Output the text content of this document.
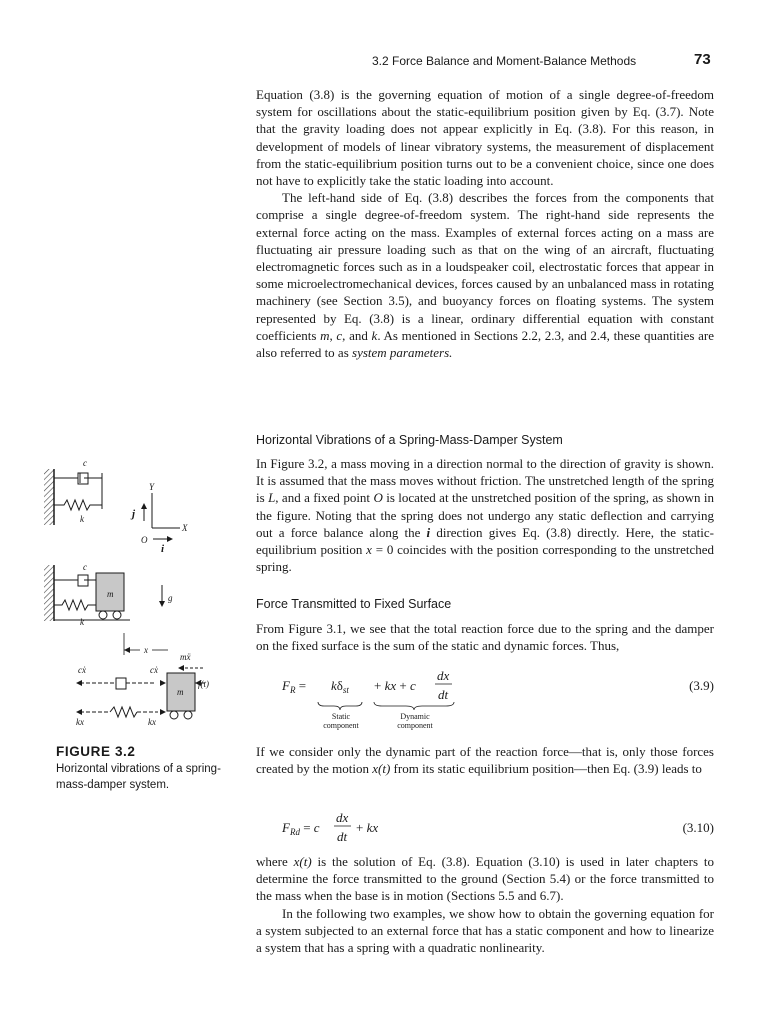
3.2 Force Balance and Moment-Balance Methods	73

Equation (3.8) is the governing equation of motion of a single degree-of-freedom system for oscillations about the static-equilibrium position given by Eq. (3.7). Note that the gravity loading does not appear explicitly in Eq. (3.8). For this reason, in development of models of linear vibratory systems, the measurement of displacement from the static-equilibrium position turns out to be a convenient choice, since one does not have to explicitly take the static loading into account.

The left-hand side of Eq. (3.8) describes the forces from the components that comprise a single degree-of-freedom system. The right-hand side represents the external force acting on the mass. Examples of external forces acting on a mass are fluctuating air pressure loading such as that on the wing of an aircraft, fluctuating electromagnetic forces such as in a loudspeaker coil, electrostatic forces that appear in some microelectromechanical devices, forces caused by an unbalanced mass in rotating machinery (see Section 3.5), and buoyancy forces on floating systems. The system represented by Eq. (3.8) is a linear, ordinary differential equation with constant coefficients m, c, and k. As mentioned in Sections 2.2, 2.3, and 2.4, these quantities are also referred to as system parameters.

Horizontal Vibrations of a Spring-Mass-Damper System

In Figure 3.2, a mass moving in a direction normal to the direction of gravity is shown. It is assumed that the mass moves without friction. The unstretched length of the spring is L, and a fixed point O is located at the unstretched position of the spring, as shown in the figure. Noting that the spring does not undergo any static deflection and carrying out a force balance along the i direction gives Eq. (3.8) directly. Here, the static-equilibrium position x = 0 coincides with the position corresponding to the unstretched spring.

Force Transmitted to Fixed Surface

From Figure 3.1, we see that the total reaction force due to the spring and the damper on the fixed surface is the sum of the static and dynamic forces. Thus,

$F_R = k\delta_{st}$ + kx + c
dx
dt
Static component
Dynamic component
(3.9)

If we consider only the dynamic part of the reaction force—that is, only those forces created by the motion x(t) from its static equilibrium position—then Eq. (3.9) leads to

$F_{Rd} = c$
dx
dt
+ kx	(3.10)

where x(t) is the solution of Eq. (3.8). Equation (3.10) is used in later chapters to determine the force transmitted to the ground (Section 5.4) or the force transmitted to the mass when the base is in motion (Sections 5.5 and 6.7).

In the following two examples, we show how to obtain the governing equation for a system subjected to an external force that has a static component and how to linearize a system that has a spring with a quadratic nonlinearity.

c
k
Y
X
O
j
i
c
m
k
g
x
mẍ
cẋ	cẋ
m
f(t)
kx	kx
FIGURE 3.2
Horizontal vibrations of a spring-mass-damper system.
